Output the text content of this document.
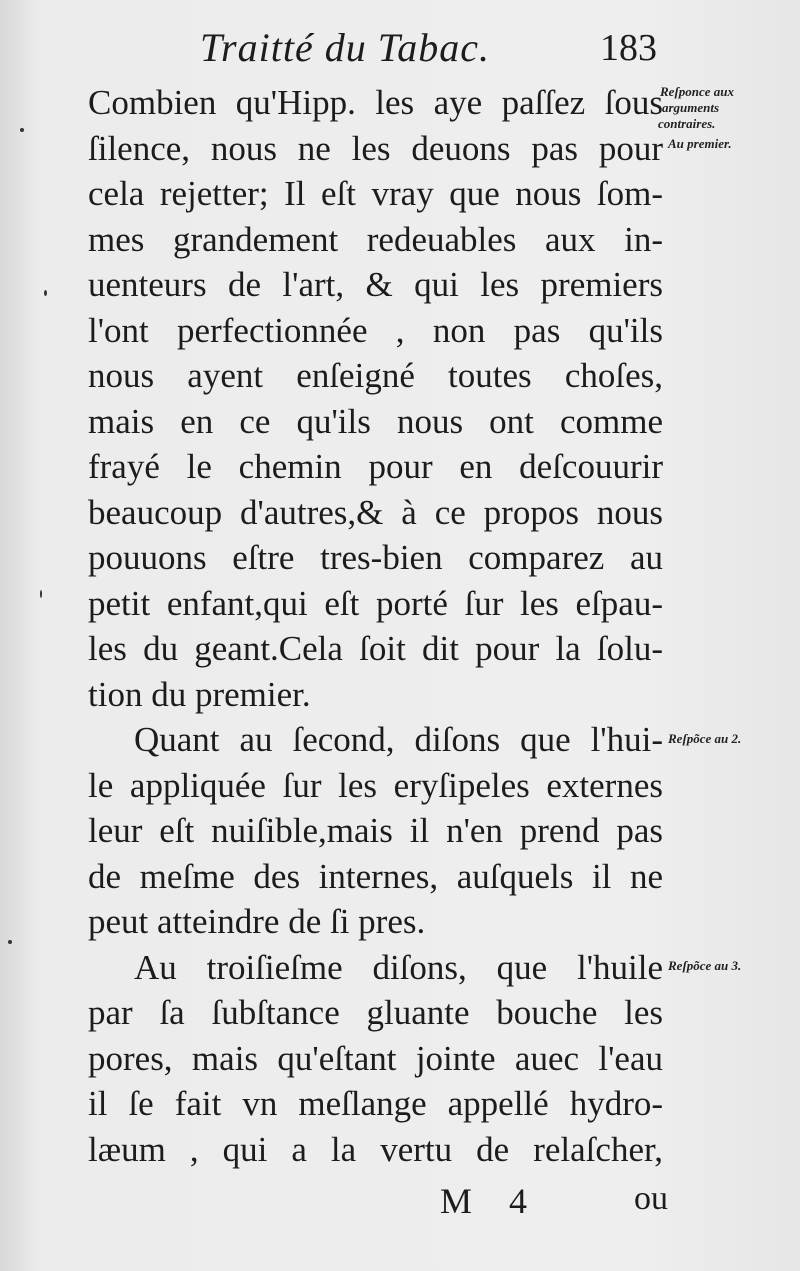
Traitté du Tabac.	183
Combien qu'Hipp. les aye paſſez ſous
ſilence, nous ne les deuons pas pour
cela rejetter; Il eſt vray que nous ſom-
mes grandement redeuables aux in-
uenteurs de l'art, & qui les premiers
l'ont perfectionnée , non pas qu'ils
nous ayent enſeigné toutes choſes,
mais en ce qu'ils nous ont comme
frayé le chemin pour en deſcouurir
beaucoup d'autres,& à ce propos nous
pouuons eſtre tres-bien comparez au
petit enfant,qui eſt porté ſur les eſpau-
les du geant.Cela ſoit dit pour la ſolu-
tion du premier.
Quant au ſecond, diſons que l'hui-
le appliquée ſur les eryſipeles externes
leur eſt nuiſible,mais il n'en prend pas
de meſme des internes, auſquels il ne
peut atteindre de ſi pres.
Au troiſieſme diſons, que l'huile
par ſa ſubſtance gluante bouche les
pores, mais qu'eſtant jointe auec l'eau
il ſe fait vn meſlange appellé hydro-
læum , qui a la vertu de relaſcher,
Reſponce aux
arguments
contraires.
Au premier.
Reſpõce au 2.
Reſpõce au 3.
M 4	ou
